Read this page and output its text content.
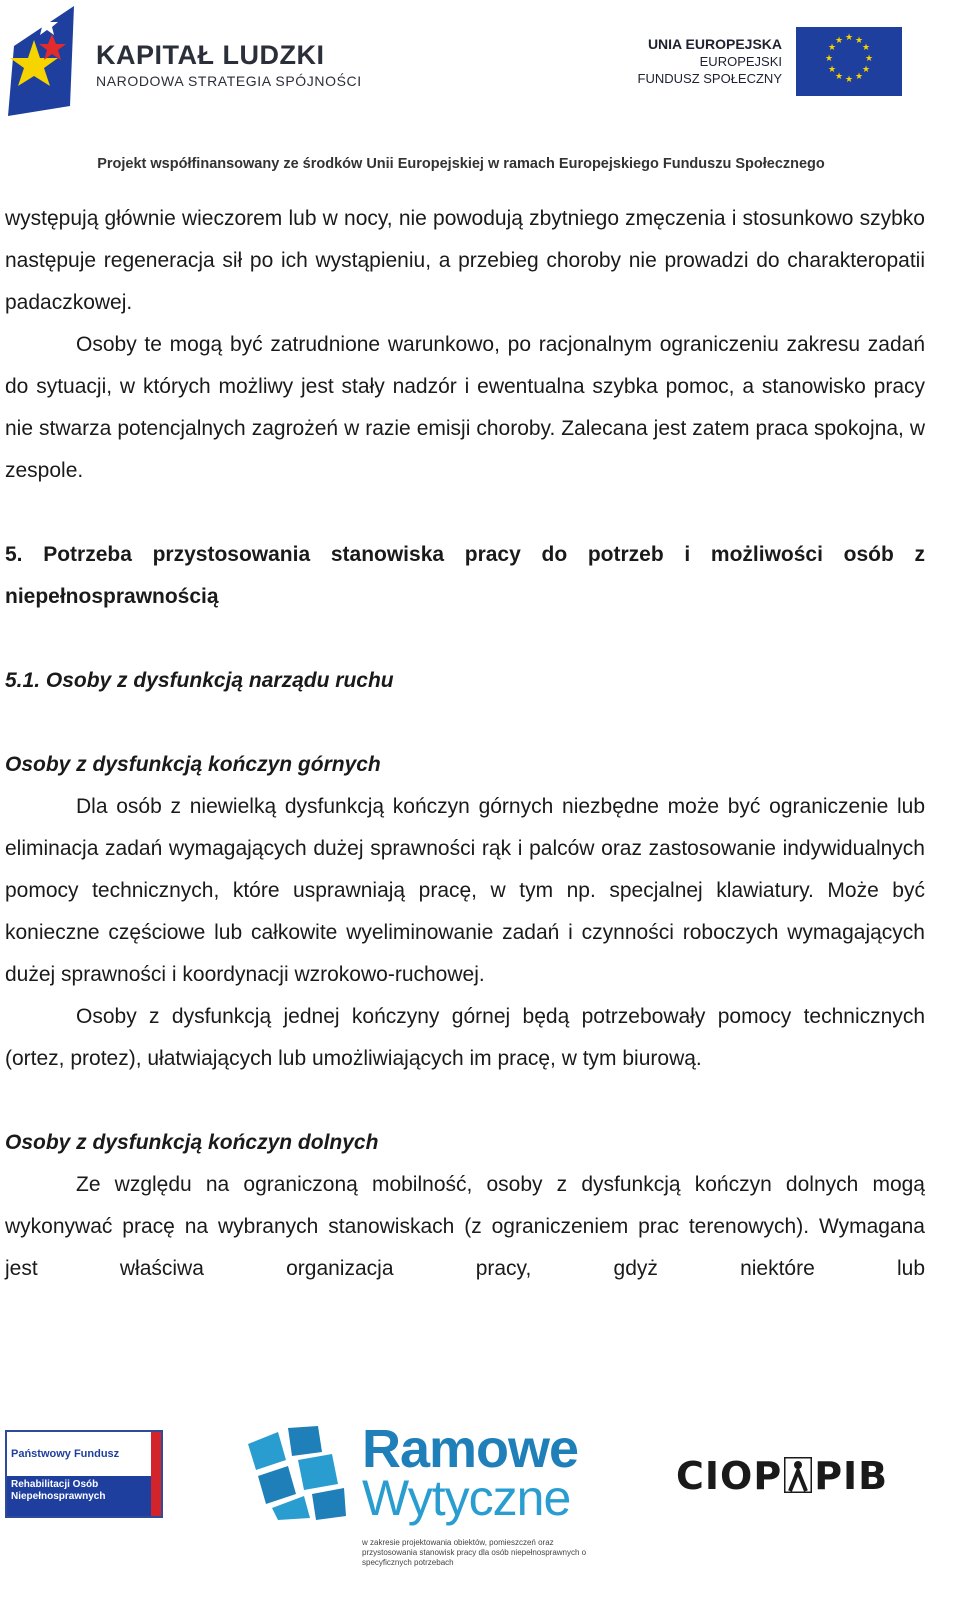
KAPITAŁ LUDZKI
NARODOWA STRATEGIA SPÓJNOŚCI
UNIA EUROPEJSKA
EUROPEJSKI
FUNDUSZ SPOŁECZNY
★ ★
★
★
★
★
★
★
★
★
★
★
Projekt współfinansowany ze środków Unii Europejskiej w ramach Europejskiego Funduszu Społecznego

występują głównie wieczorem lub w nocy, nie powodują zbytniego zmęczenia i stosunkowo szybko następuje regeneracja sił po ich wystąpieniu, a przebieg choroby nie prowadzi do charakteropatii padaczkowej.

Osoby te mogą być zatrudnione warunkowo, po racjonalnym ograniczeniu zakresu zadań do sytuacji, w których możliwy jest stały nadzór i ewentualna szybka pomoc, a stanowisko pracy nie stwarza potencjalnych zagrożeń w razie emisji choroby. Zalecana jest zatem praca spokojna, w zespole.

5. Potrzeba przystosowania stanowiska pracy do potrzeb i możliwości osób z niepełnosprawnością

5.1. Osoby z dysfunkcją narządu ruchu

Osoby z dysfunkcją kończyn górnych

Dla osób z niewielką dysfunkcją kończyn górnych niezbędne może być ograniczenie lub eliminacja zadań wymagających dużej sprawności rąk i palców oraz zastosowanie indywidualnych pomocy technicznych, które usprawniają pracę, w tym np. specjalnej klawiatury. Może być konieczne częściowe lub całkowite wyeliminowanie zadań i czynności roboczych wymagających dużej sprawności i koordynacji wzrokowo-ruchowej.

Osoby z dysfunkcją jednej kończyny górnej będą potrzebowały pomocy technicznych (ortez, protez), ułatwiających lub umożliwiających im pracę, w tym biurową.

Osoby z dysfunkcją kończyn dolnych

Ze względu na ograniczoną mobilność, osoby z dysfunkcją kończyn dolnych mogą wykonywać pracę na wybranych stanowiskach (z ograniczeniem prac terenowych). Wymagana jest właściwa organizacja pracy, gdyż niektóre lub

Państwowy Fundusz
Rehabilitacji Osób
Niepełnosprawnych
Ramowe
Wytyczne
w zakresie projektowania obiektów, pomieszczeń oraz przystosowania stanowisk pracy dla osób niepełnosprawnych o specyficznych potrzebach
CIOP PIB
